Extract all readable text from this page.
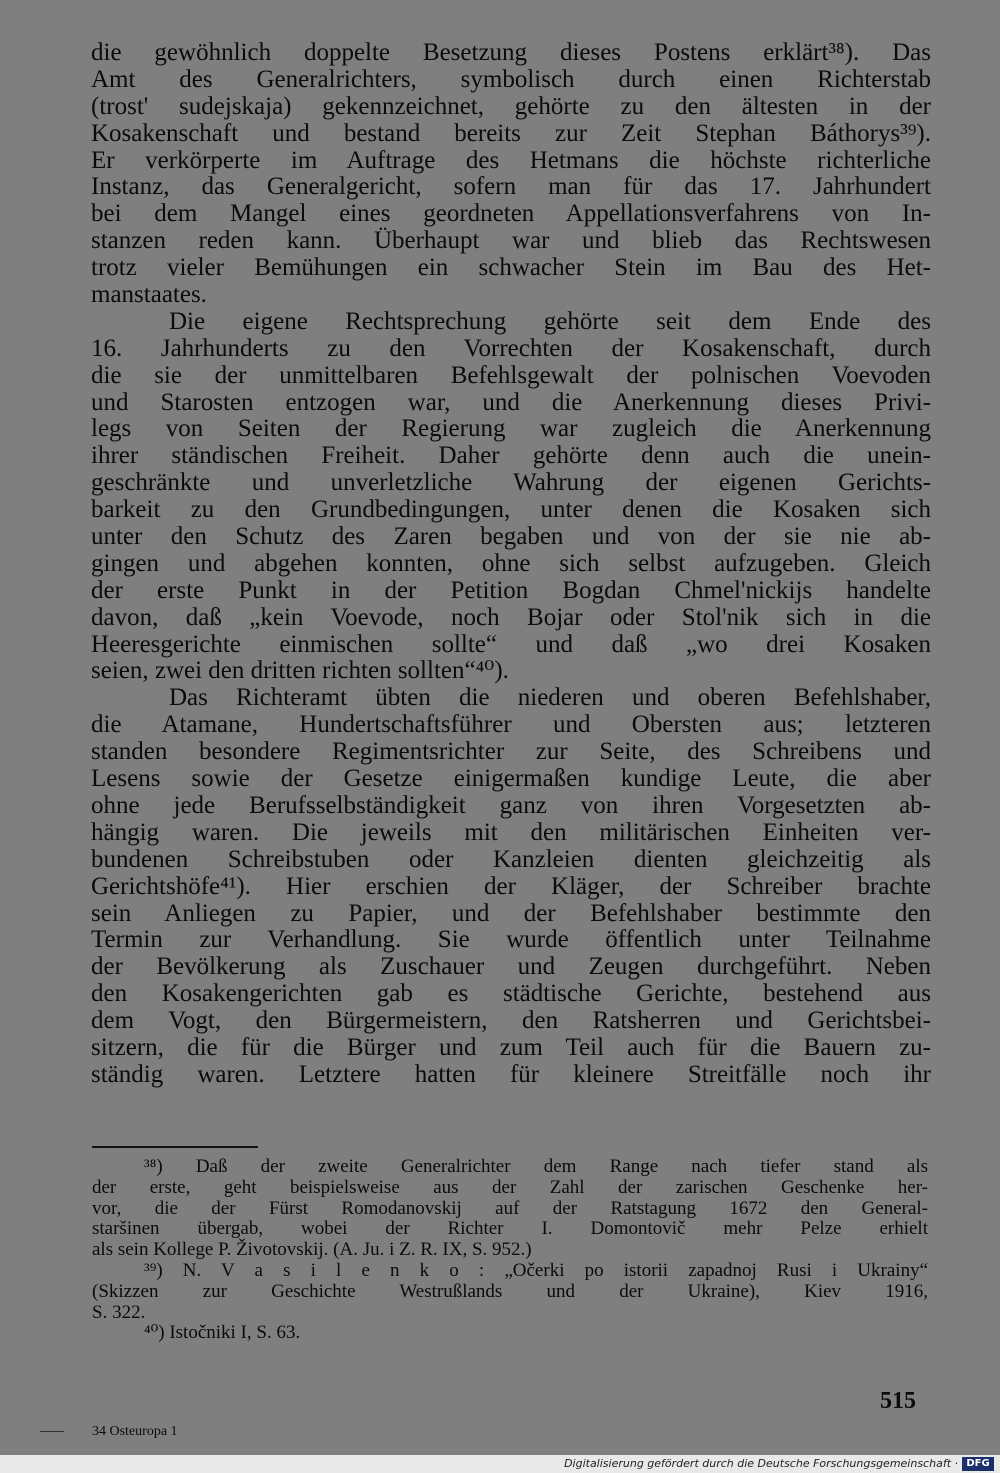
die gewöhnlich doppelte Besetzung dieses Postens erklärt³⁸). Das
Amt des Generalrichters, symbolisch durch einen Richterstab
(trost' sudejskaja) gekennzeichnet, gehörte zu den ältesten in der
Kosakenschaft und bestand bereits zur Zeit Stephan Báthorys³⁹).
Er verkörperte im Auftrage des Hetmans die höchste richterliche
Instanz, das Generalgericht, sofern man für das 17. Jahrhundert
bei dem Mangel eines geordneten Appellationsverfahrens von In-
stanzen reden kann. Überhaupt war und blieb das Rechtswesen
trotz vieler Bemühungen ein schwacher Stein im Bau des Het-
manstaates.
Die eigene Rechtsprechung gehörte seit dem Ende des
16. Jahrhunderts zu den Vorrechten der Kosakenschaft, durch
die sie der unmittelbaren Befehlsgewalt der polnischen Voevoden
und Starosten entzogen war, und die Anerkennung dieses Privi-
legs von Seiten der Regierung war zugleich die Anerkennung
ihrer ständischen Freiheit. Daher gehörte denn auch die unein-
geschränkte und unverletzliche Wahrung der eigenen Gerichts-
barkeit zu den Grundbedingungen, unter denen die Kosaken sich
unter den Schutz des Zaren begaben und von der sie nie ab-
gingen und abgehen konnten, ohne sich selbst aufzugeben. Gleich
der erste Punkt in der Petition Bogdan Chmel'nickijs handelte
davon, daß „kein Voevode, noch Bojar oder Stol'nik sich in die
Heeresgerichte einmischen sollte“ und daß „wo drei Kosaken
seien, zwei den dritten richten sollten“⁴⁰).
Das Richteramt übten die niederen und oberen Befehlshaber,
die Atamane, Hundertschaftsführer und Obersten aus; letzteren
standen besondere Regimentsrichter zur Seite, des Schreibens und
Lesens sowie der Gesetze einigermaßen kundige Leute, die aber
ohne jede Berufsselbständigkeit ganz von ihren Vorgesetzten ab-
hängig waren. Die jeweils mit den militärischen Einheiten ver-
bundenen Schreibstuben oder Kanzleien dienten gleichzeitig als
Gerichtshöfe⁴¹). Hier erschien der Kläger, der Schreiber brachte
sein Anliegen zu Papier, und der Befehlshaber bestimmte den
Termin zur Verhandlung. Sie wurde öffentlich unter Teilnahme
der Bevölkerung als Zuschauer und Zeugen durchgeführt. Neben
den Kosakengerichten gab es städtische Gerichte, bestehend aus
dem Vogt, den Bürgermeistern, den Ratsherren und Gerichtsbei-
sitzern, die für die Bürger und zum Teil auch für die Bauern zu-
ständig waren. Letztere hatten für kleinere Streitfälle noch ihr
³⁸) Daß der zweite Generalrichter dem Range nach tiefer stand als
der erste, geht beispielsweise aus der Zahl der zarischen Geschenke her-
vor, die der Fürst Romodanovskij auf der Ratstagung 1672 den General-
staršinen übergab, wobei der Richter I. Domontovič mehr Pelze erhielt
als sein Kollege P. Životovskij. (A. Ju. i Z. R. IX, S. 952.)
³⁹) N. V a s i l e n k o : „Očerki po istorii zapadnoj Rusi i Ukrainy“
(Skizzen zur Geschichte Westrußlands und der Ukraine), Kiev 1916,
S. 322.
⁴⁰) Istočniki I, S. 63.
515
34 Osteuropa 1
Digitalisierung gefördert durch die Deutsche Forschungsgemeinschaft · DFG
